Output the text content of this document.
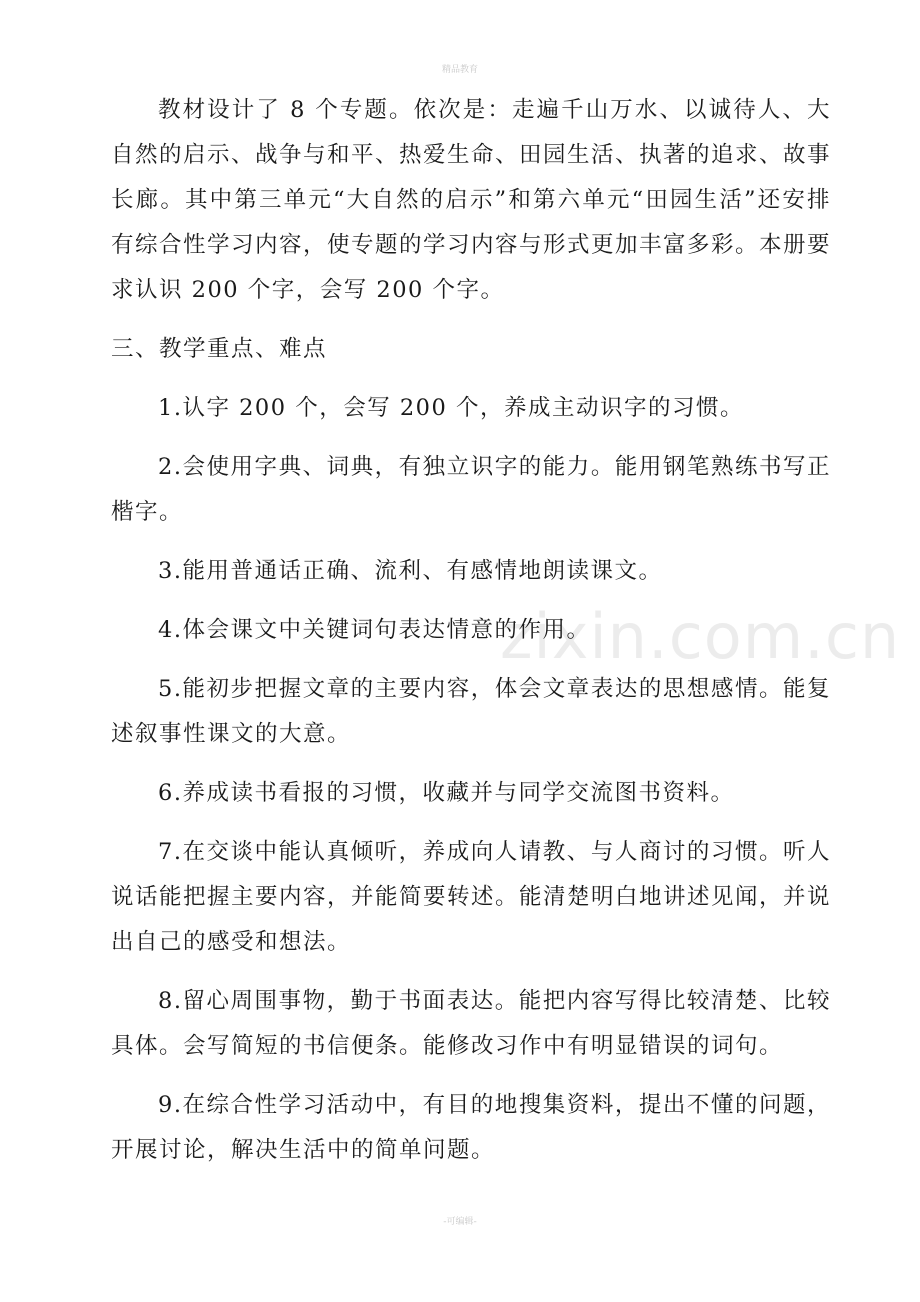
精品教育
zixin.com.cn

教材设计了 8 个专题。依次是：走遍千山万水、以诚待人、大自然的启示、战争与和平、热爱生命、田园生活、执著的追求、故事长廊。其中第三单元“大自然的启示”和第六单元“田园生活”还安排有综合性学习内容，使专题的学习内容与形式更加丰富多彩。本册要求认识 200 个字，会写 200 个字。

三、教学重点、难点

1.认字 200 个，会写 200 个，养成主动识字的习惯。

2.会使用字典、词典，有独立识字的能力。能用钢笔熟练书写正楷字。

3.能用普通话正确、流利、有感情地朗读课文。

4.体会课文中关键词句表达情意的作用。

5.能初步把握文章的主要内容，体会文章表达的思想感情。能复述叙事性课文的大意。

6.养成读书看报的习惯，收藏并与同学交流图书资料。

7.在交谈中能认真倾听，养成向人请教、与人商讨的习惯。听人说话能把握主要内容，并能简要转述。能清楚明白地讲述见闻，并说出自己的感受和想法。

8.留心周围事物，勤于书面表达。能把内容写得比较清楚、比较具体。会写简短的书信便条。能修改习作中有明显错误的词句。

9.在综合性学习活动中，有目的地搜集资料，提出不懂的问题，开展讨论，解决生活中的简单问题。

-可编辑-
